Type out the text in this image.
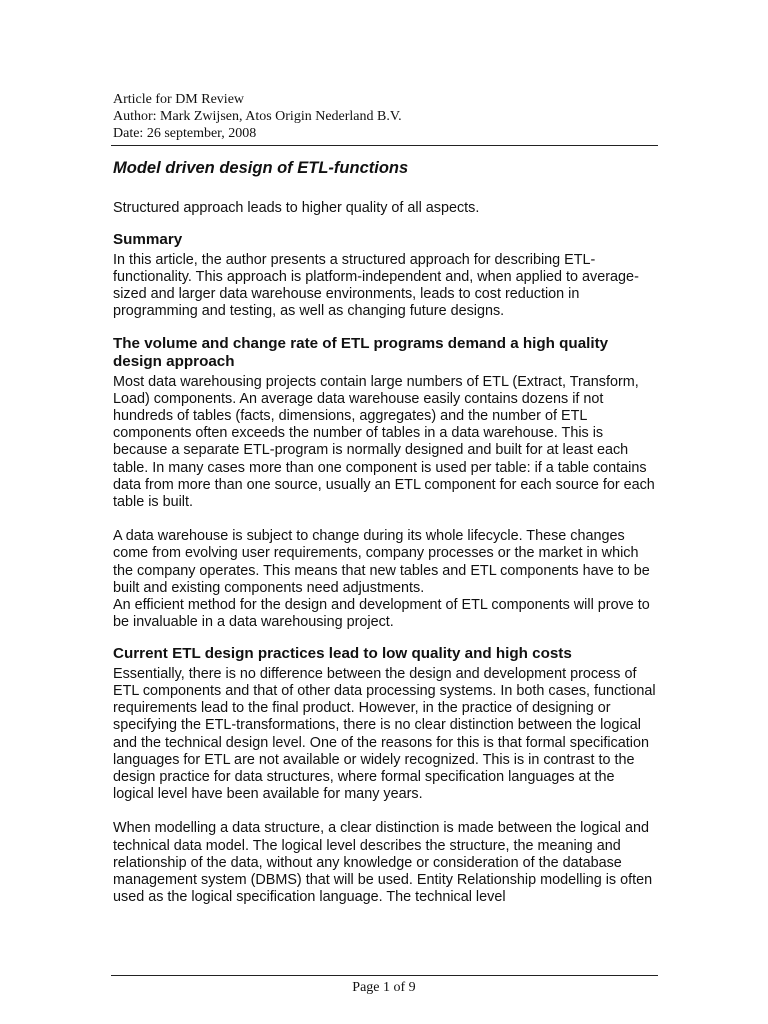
Article for DM Review
Author: Mark Zwijsen, Atos Origin Nederland B.V.
Date: 26 september, 2008
Model driven design of ETL-functions

Structured approach leads to higher quality of all aspects.

Summary

In this article, the author presents a structured approach for describing ETL-functionality. This approach is platform-independent and, when applied to average-sized and larger data warehouse environments, leads to cost reduction in programming and testing, as well as changing future designs.

The volume and change rate of ETL programs demand a high quality design approach

Most data warehousing projects contain large numbers of ETL (Extract, Transform, Load) components. An average data warehouse easily contains dozens if not hundreds of tables (facts, dimensions, aggregates) and the number of ETL components often exceeds the number of tables in a data warehouse. This is because a separate ETL-program is normally designed and built for at least each table. In many cases more than one component is used per table: if a table contains data from more than one source, usually an ETL component for each source for each table is built.

A data warehouse is subject to change during its whole lifecycle. These changes come from evolving user requirements, company processes or the market in which the company operates. This means that new tables and ETL components have to be built and existing components need adjustments.

An efficient method for the design and development of ETL components will prove to be invaluable in a data warehousing project.

Current ETL design practices lead to low quality and high costs

Essentially, there is no difference between the design and development process of ETL components and that of other data processing systems. In both cases, functional requirements lead to the final product. However, in the practice of designing or specifying the ETL-transformations, there is no clear distinction between the logical and the technical design level. One of the reasons for this is that formal specification languages for ETL are not available or widely recognized. This is in contrast to the design practice for data structures, where formal specification languages at the logical level have been available for many years.

When modelling a data structure, a clear distinction is made between the logical and technical data model. The logical level describes the structure, the meaning and relationship of the data, without any knowledge or consideration of the database management system (DBMS) that will be used. Entity Relationship modelling is often used as the logical specification language. The technical level

Page 1 of 9
